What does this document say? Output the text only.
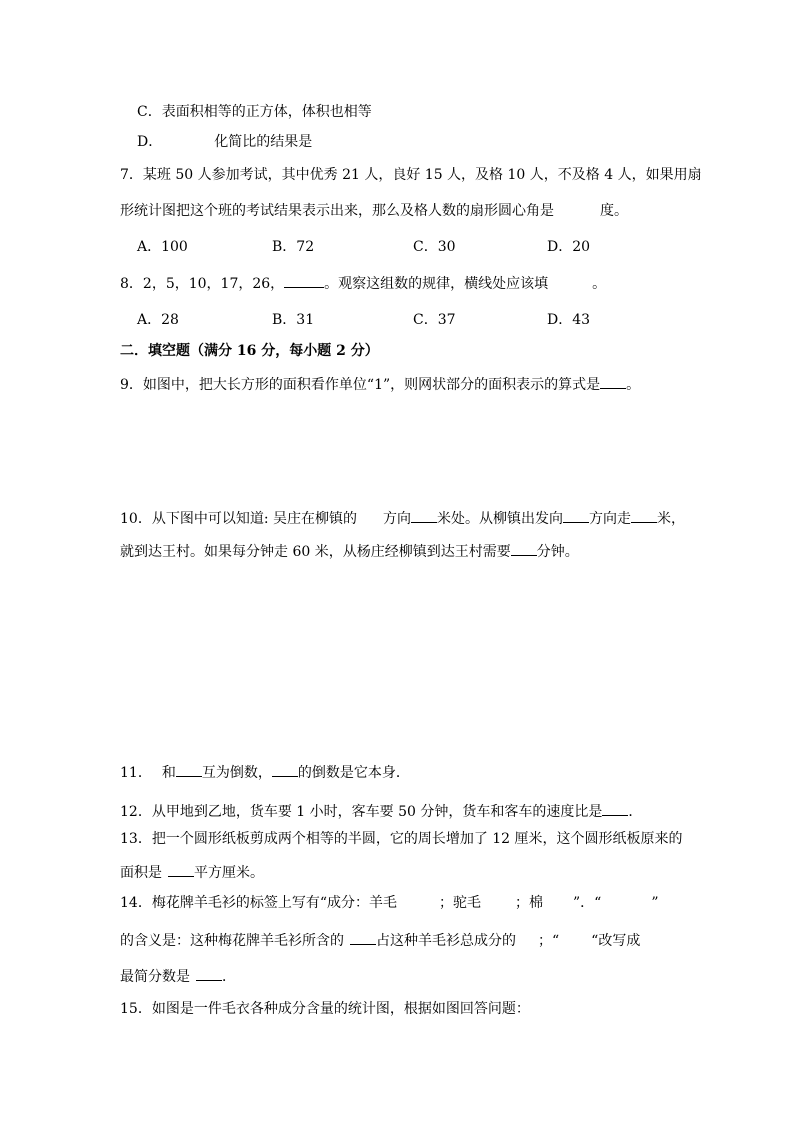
C．表面积相等的正方体，体积也相等
D．	化简比的结果是
7．某班 50 人参加考试，其中优秀 21 人，良好 15 人，及格 10 人，不及格 4 人，如果用扇
形统计图把这个班的考试结果表示出来，那么及格人数的扇形圆心角是	度。
A．100	B．72	C．30	D．20
8．2，5，10，17，26，	。观察这组数的规律，横线处应该填	。
A．28	B．31	C．37	D．43
二．填空题（满分 16 分，每小题 2 分）
9．如图中，把大长方形的面积看作单位“1”，则网状部分的面积表示的算式是 。
10．从下图中可以知道: 吴庄在柳镇的 方向 米处。从柳镇出发向 方向走 米，
就到达王村。如果每分钟走 60 米，从杨庄经柳镇到达王村需要 分钟。
11． 和 互为倒数， 的倒数是它本身．
12．从甲地到乙地，货车要 1 小时，客车要 50 分钟，货车和客车的速度比是 ．
13．把一个圆形纸板剪成两个相等的半圆，它的周长增加了 12 厘米，这个圆形纸板原来的
面积是 平方厘米。
14．梅花牌羊毛衫的标签上写有“成分：羊毛	；驼毛 ；棉 ”．“	”
的含义是：这种梅花牌羊毛衫所含的 占这种羊毛衫总成分的 ；“ “改写成
最简分数是 ．
15．如图是一件毛衣各种成分含量的统计图，根据如图回答问题：
